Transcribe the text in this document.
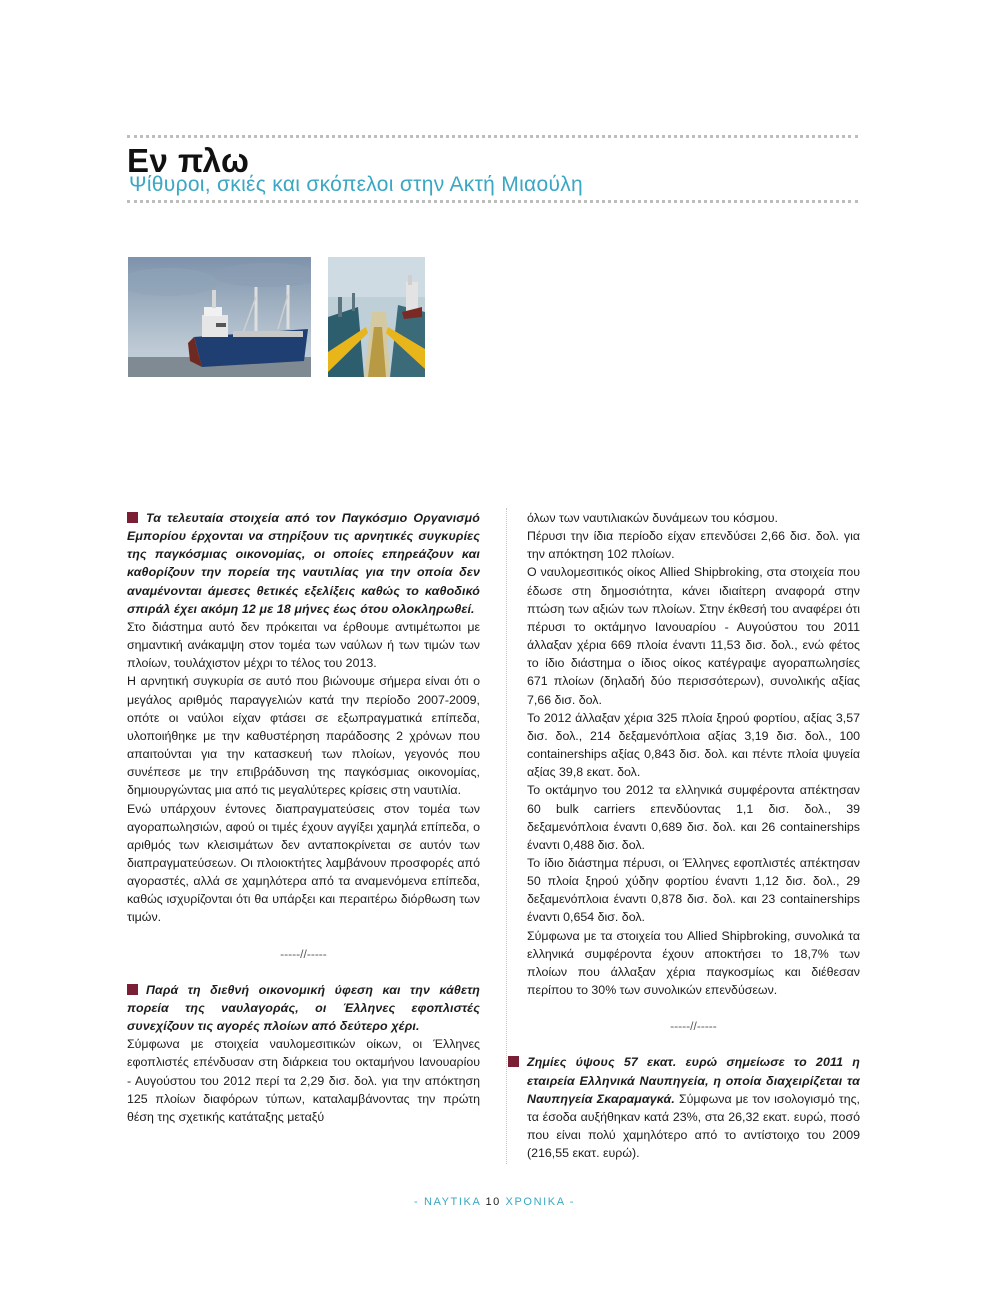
Εν πλω
Ψίθυροι, σκιές και σκόπελοι στην Ακτή Μιαούλη

Τα τελευταία στοιχεία από τον Παγκόσμιο Οργανισμό Εμπορίου έρχονται να στηρίξουν τις αρνητικές συγκυρίες της παγκόσμιας οικονομίας, οι οποίες επηρεάζουν και καθορίζουν την πορεία της ναυτιλίας για την οποία δεν αναμένονται άμεσες θετικές εξελίξεις καθώς το καθοδικό σπιράλ έχει ακόμη 12 με 18 μήνες έως ότου ολοκληρωθεί.

Στο διάστημα αυτό δεν πρόκειται να έρθουμε αντιμέτωποι με σημαντική ανάκαμψη στον τομέα των ναύλων ή των τιμών των πλοίων, τουλάχιστον μέχρι το τέλος του 2013.

Η αρνητική συγκυρία σε αυτό που βιώνουμε σήμερα είναι ότι ο μεγάλος αριθμός παραγγελιών κατά την περίοδο 2007-2009, οπότε οι ναύλοι είχαν φτάσει σε εξωπραγματικά επίπεδα, υλοποιήθηκε με την καθυστέρηση παράδοσης 2 χρόνων που απαιτούνται για την κατασκευή των πλοίων, γεγονός που συνέπεσε με την επιβράδυνση της παγκόσμιας οικονομίας, δημιουργώντας μια από τις μεγαλύτερες κρίσεις στη ναυτιλία.

Ενώ υπάρχουν έντονες διαπραγματεύσεις στον τομέα των αγοραπωλησιών, αφού οι τιμές έχουν αγγίξει χαμηλά επίπεδα, ο αριθμός των κλεισιμάτων δεν ανταποκρίνεται σε αυτόν των διαπραγματεύσεων. Οι πλοιοκτήτες λαμβάνουν προσφορές από αγοραστές, αλλά σε χαμηλότερα από τα αναμενόμενα επίπεδα, καθώς ισχυρίζονται ότι θα υπάρξει και περαιτέρω διόρθωση των τιμών.

-----//-----

Παρά τη διεθνή οικονομική ύφεση και την κάθετη πορεία της ναυλαγοράς, οι Έλληνες εφοπλιστές συνεχίζουν τις αγορές πλοίων από δεύτερο χέρι.

Σύμφωνα με στοιχεία ναυλομεσιτικών οίκων, οι Έλληνες εφοπλιστές επένδυσαν στη διάρκεια του οκταμήνου Ιανουαρίου - Αυγούστου του 2012 περί τα 2,29 δισ. δολ. για την απόκτηση 125 πλοίων διαφόρων τύπων, καταλαμβάνοντας την πρώτη θέση της σχετικής κατάταξης μεταξύ

όλων των ναυτιλιακών δυνάμεων του κόσμου.

Πέρυσι την ίδια περίοδο είχαν επενδύσει 2,66 δισ. δολ. για την απόκτηση 102 πλοίων.

Ο ναυλομεσιτικός οίκος Allied Shipbroking, στα στοιχεία που έδωσε στη δημοσιότητα, κάνει ιδιαίτερη αναφορά στην πτώση των αξιών των πλοίων. Στην έκθεσή του αναφέρει ότι πέρυσι το οκτάμηνο Ιανουαρίου - Αυγούστου του 2011 άλλαξαν χέρια 669 πλοία έναντι 11,53 δισ. δολ., ενώ φέτος το ίδιο διάστημα ο ίδιος οίκος κατέγραψε αγοραπωλησίες 671 πλοίων (δηλαδή δύο περισσότερων), συνολικής αξίας 7,66 δισ. δολ.

Το 2012 άλλαξαν χέρια 325 πλοία ξηρού φορτίου, αξίας 3,57 δισ. δολ., 214 δεξαμενόπλοια αξίας 3,19 δισ. δολ., 100 containerships αξίας 0,843 δισ. δολ. και πέντε πλοία ψυγεία αξίας 39,8 εκατ. δολ.

Το οκτάμηνο του 2012 τα ελληνικά συμφέροντα απέκτησαν 60 bulk carriers επενδύοντας 1,1 δισ. δολ., 39 δεξαμενόπλοια έναντι 0,689 δισ. δολ. και 26 containerships έναντι 0,488 δισ. δολ.

Το ίδιο διάστημα πέρυσι, οι Έλληνες εφοπλιστές απέκτησαν 50 πλοία ξηρού χύδην φορτίου έναντι 1,12 δισ. δολ., 29 δεξαμενόπλοια έναντι 0,878 δισ. δολ. και 23 containerships έναντι 0,654 δισ. δολ.

Σύμφωνα με τα στοιχεία του Allied Shipbroking, συνολικά τα ελληνικά συμφέροντα έχουν αποκτήσει το 18,7% των πλοίων που άλλαξαν χέρια παγκοσμίως και διέθεσαν περίπου το 30% των συνολικών επενδύσεων.

-----//-----

Ζημίες ύψους 57 εκατ. ευρώ σημείωσε το 2011 η εταιρεία Ελληνικά Ναυπηγεία, η οποία διαχειρίζεται τα Ναυπηγεία Σκαραμαγκά. Σύμφωνα με τον ισολογισμό της, τα έσοδα αυξήθηκαν κατά 23%, στα 26,32 εκατ. ευρώ, ποσό που είναι πολύ χαμηλότερο από το αντίστοιχο του 2009 (216,55 εκατ. ευρώ).

- ΝΑΥΤΙΚΑ 10 ΧΡΟΝΙΚΑ -
